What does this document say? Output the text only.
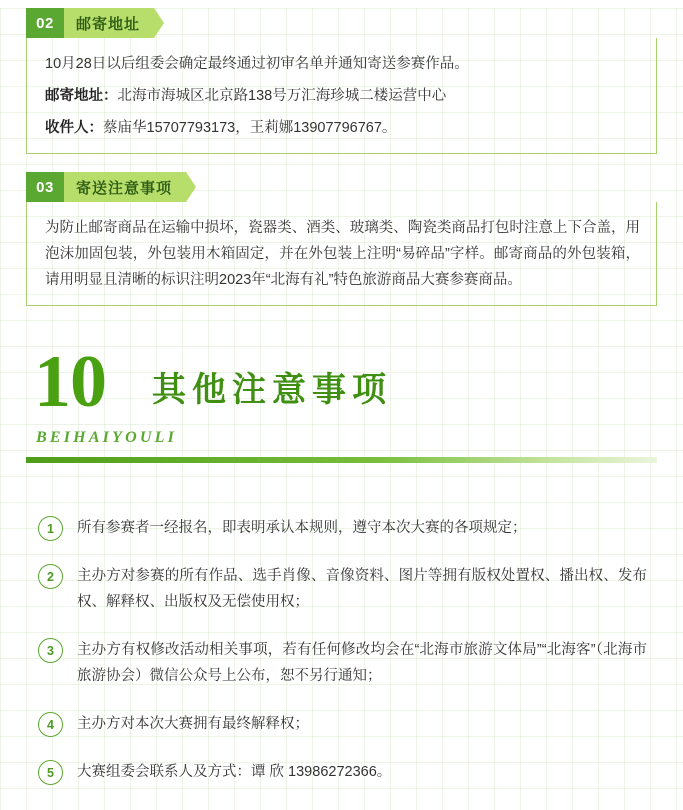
02	邮寄地址

10月28日以后组委会确定最终通过初审名单并通知寄送参赛作品。

邮寄地址：北海市海城区北京路138号万汇海珍城二楼运营中心

收件人：蔡庙华15707793173，王莉娜13907796767。

03	寄送注意事项

为防止邮寄商品在运输中损坏，瓷器类、酒类、玻璃类、陶瓷类商品打包时注意上下合盖，用泡沫加固包装，外包装用木箱固定，并在外包装上注明“易碎品”字样。邮寄商品的外包装箱，请用明显且清晰的标识注明2023年“北海有礼”特色旅游商品大赛参赛商品。

10 其他注意事项
BEIHAIYOULI
1	所有参赛者一经报名，即表明承认本规则，遵守本次大赛的各项规定；
2	主办方对参赛的所有作品、选手肖像、音像资料、图片等拥有版权处置权、播出权、发布权、解释权、出版权及无偿使用权；
3	主办方有权修改活动相关事项，若有任何修改均会在“北海市旅游文体局”“北海客”（北海市旅游协会）微信公众号上公布，恕不另行通知；
4	主办方对本次大赛拥有最终解释权；
5	大赛组委会联系人及方式：谭 欣 13986272366。
